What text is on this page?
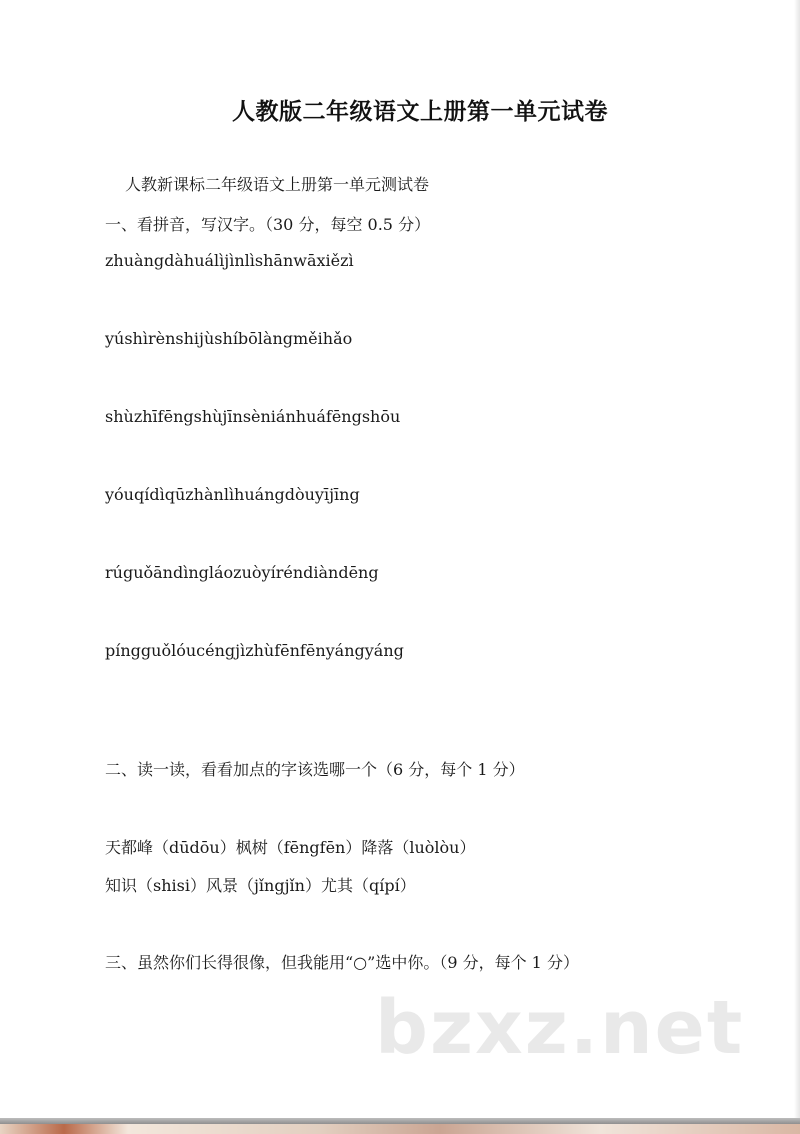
人教版二年级语文上册第一单元试卷
人教新课标二年级语文上册第一单元测试卷
一、看拼音，写汉字。（30 分，每空 0.5 分）
zhuàngdàhuálìjìnlìshānwāxiězì
yúshìrènshijùshíbōlàngměihǎo
shùzhīfēngshùjīnsèniánhuáfēngshōu
yóuqídìqūzhànlìhuángdòuyījīng
rúguǒāndìngláozuòyíréndiàndēng
píngguǒlóucéngjìzhùfēnfēnyángyáng
二、读一读，看看加点的字该选哪一个（6 分，每个 1 分）
天都峰（dūdōu）枫树（fēngfēn）降落（luòlòu）
知识（shisi）风景（jǐngjǐn）尤其（qípí）
三、虽然你们长得很像，但我能用“○”选中你。（9 分，每个 1 分）
bzxz.net
